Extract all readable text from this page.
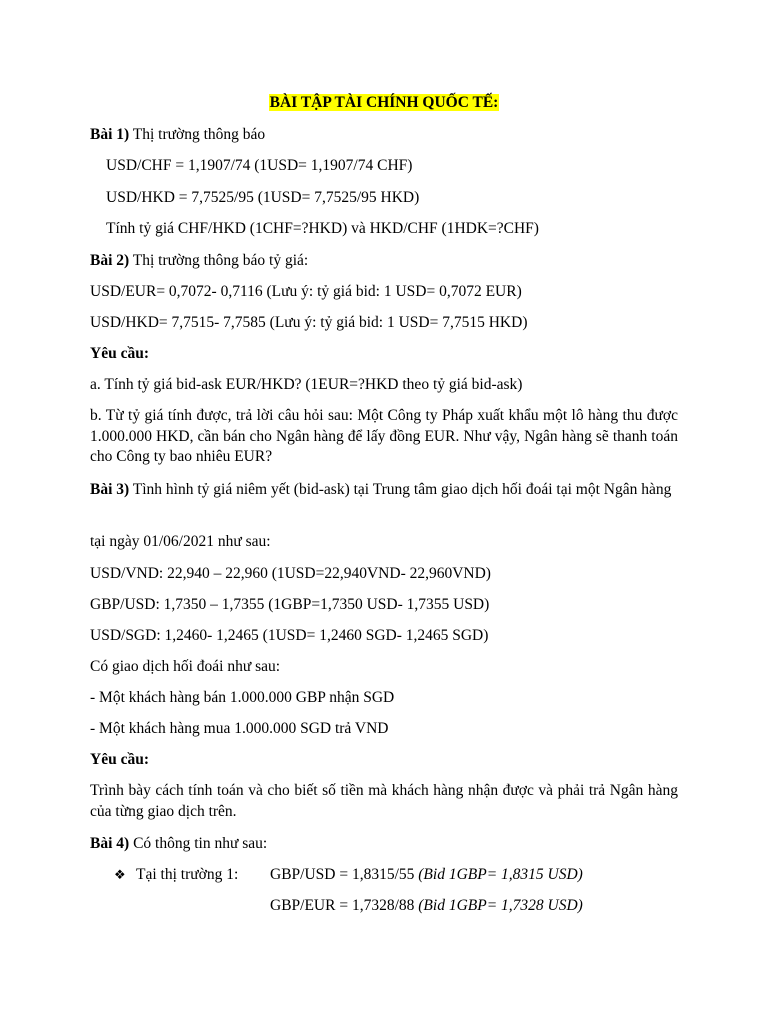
BÀI TẬP TÀI CHÍNH QUỐC TẾ:
Bài 1) Thị trường thông báo
USD/CHF = 1,1907/74 (1USD= 1,1907/74 CHF)
USD/HKD = 7,7525/95 (1USD= 7,7525/95 HKD)
Tính tỷ giá CHF/HKD (1CHF=?HKD) và HKD/CHF (1HDK=?CHF)
Bài 2) Thị trường thông báo tỷ giá:
USD/EUR= 0,7072- 0,7116 (Lưu ý: tỷ giá bid: 1 USD= 0,7072 EUR)
USD/HKD= 7,7515- 7,7585 (Lưu ý: tỷ giá bid: 1 USD= 7,7515 HKD)
Yêu cầu:
a. Tính tỷ giá bid-ask EUR/HKD? (1EUR=?HKD theo tỷ giá bid-ask)
b. Từ tỷ giá tính được, trả lời câu hỏi sau: Một Công ty Pháp xuất khẩu một lô hàng thu được 1.000.000 HKD, cần bán cho Ngân hàng để lấy đồng EUR. Như vậy, Ngân hàng sẽ thanh toán cho Công ty bao nhiêu EUR?
Bài 3) Tình hình tỷ giá niêm yết (bid-ask) tại Trung tâm giao dịch hối đoái tại một Ngân hàng
tại ngày 01/06/2021 như sau:
USD/VND: 22,940 – 22,960 (1USD=22,940VND- 22,960VND)
GBP/USD: 1,7350 – 1,7355 (1GBP=1,7350 USD- 1,7355 USD)
USD/SGD: 1,2460- 1,2465 (1USD= 1,2460 SGD- 1,2465 SGD)
Có giao dịch hối đoái như sau:
- Một khách hàng bán 1.000.000 GBP nhận SGD
- Một khách hàng mua 1.000.000 SGD trả VND
Yêu cầu:
Trình bày cách tính toán và cho biết số tiền mà khách hàng nhận được và phải trả Ngân hàng của từng giao dịch trên.
Bài 4) Có thông tin như sau:
❖ Tại thị trường 1:	GBP/USD = 1,8315/55 (Bid 1GBP= 1,8315 USD)
GBP/EUR = 1,7328/88 (Bid 1GBP= 1,7328 USD)
